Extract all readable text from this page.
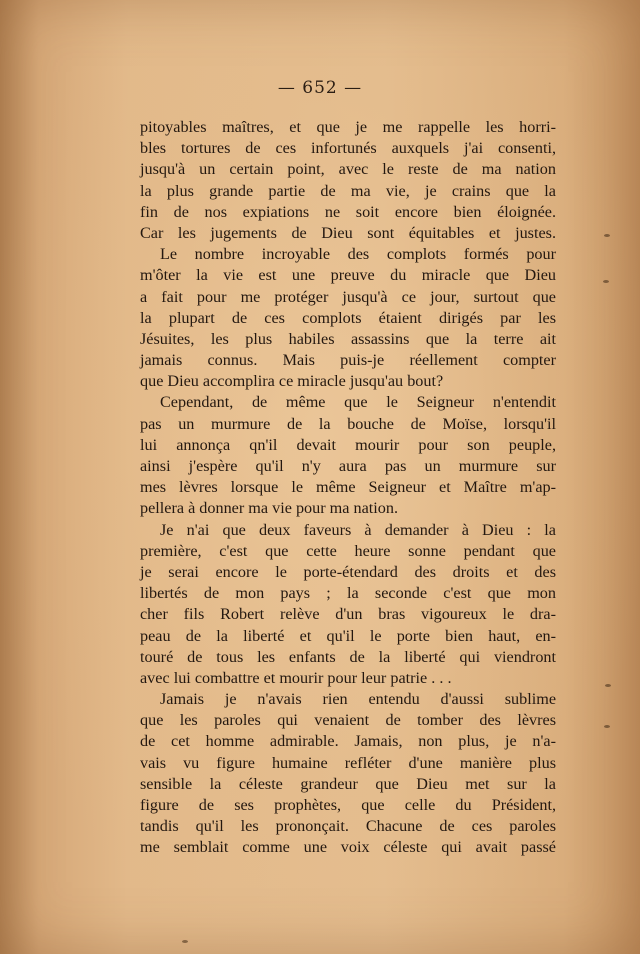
— 652 —
pitoyables maîtres, et que je me rappelle les horri-
bles tortures de ces infortunés auxquels j'ai consenti,
jusqu'à un certain point, avec le reste de ma nation
la plus grande partie de ma vie, je crains que la
fin de nos expiations ne soit encore bien éloignée.
Car les jugements de Dieu sont équitables et justes.
Le nombre incroyable des complots formés pour
m'ôter la vie est une preuve du miracle que Dieu
a fait pour me protéger jusqu'à ce jour, surtout que
la plupart de ces complots étaient dirigés par les
Jésuites, les plus habiles assassins que la terre ait
jamais connus. Mais puis-je réellement compter
que Dieu accomplira ce miracle jusqu'au bout?
Cependant, de même que le Seigneur n'entendit
pas un murmure de la bouche de Moïse, lorsqu'il
lui annonça qn'il devait mourir pour son peuple,
ainsi j'espère qu'il n'y aura pas un murmure sur
mes lèvres lorsque le même Seigneur et Maître m'ap-
pellera à donner ma vie pour ma nation.
Je n'ai que deux faveurs à demander à Dieu : la
première, c'est que cette heure sonne pendant que
je serai encore le porte-étendard des droits et des
libertés de mon pays ; la seconde c'est que mon
cher fils Robert relève d'un bras vigoureux le dra-
peau de la liberté et qu'il le porte bien haut, en-
touré de tous les enfants de la liberté qui viendront
avec lui combattre et mourir pour leur patrie . . .
Jamais je n'avais rien entendu d'aussi sublime
que les paroles qui venaient de tomber des lèvres
de cet homme admirable. Jamais, non plus, je n'a-
vais vu figure humaine refléter d'une manière plus
sensible la céleste grandeur que Dieu met sur la
figure de ses prophètes, que celle du Président,
tandis qu'il les prononçait. Chacune de ces paroles
me semblait comme une voix céleste qui avait passé
